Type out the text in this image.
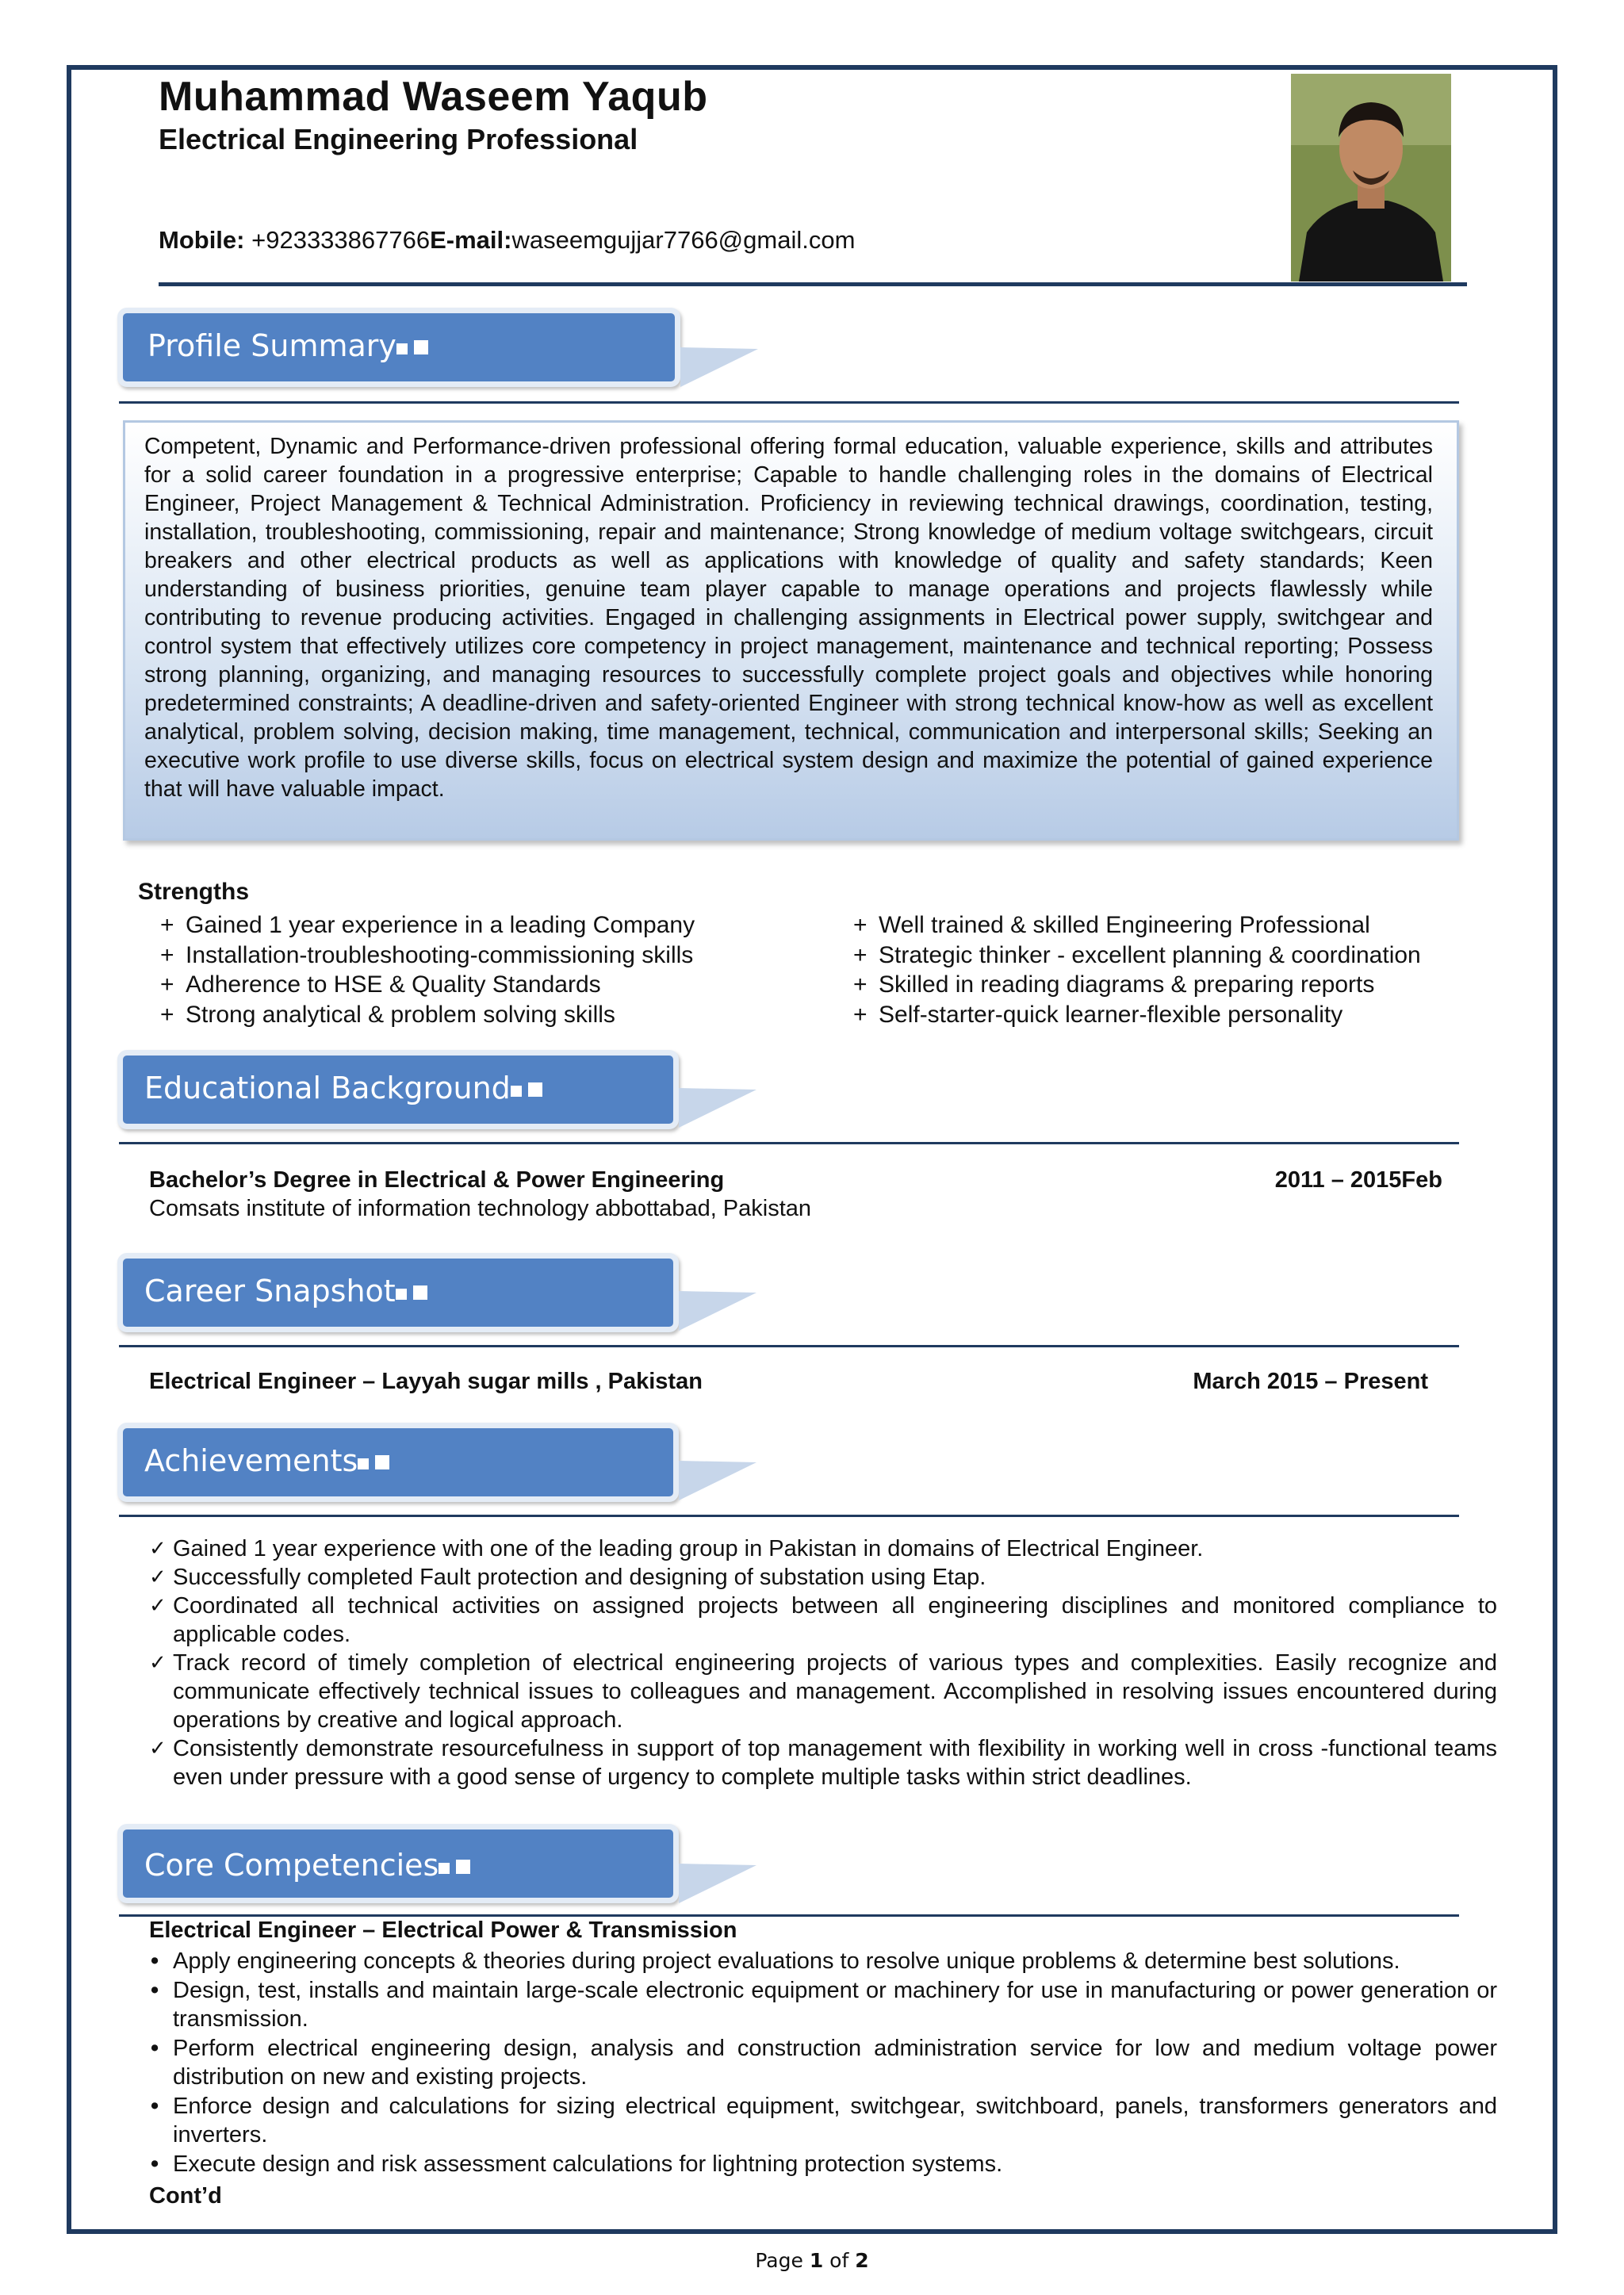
Muhammad Waseem Yaqub
Electrical Engineering Professional
Mobile: +923333867766E-mail:waseemgujjar7766@gmail.com
Profile Summary
Competent, Dynamic and Performance-driven professional offering formal education, valuable experience, skills and attributes for a solid career foundation in a progressive enterprise; Capable to handle challenging roles in the domains of Electrical Engineer, Project Management & Technical Administration. Proficiency in reviewing technical drawings, coordination, testing, installation, troubleshooting, commissioning, repair and maintenance; Strong knowledge of medium voltage switchgears, circuit breakers and other electrical products as well as applications with knowledge of quality and safety standards; Keen understanding of business priorities, genuine team player capable to manage operations and projects flawlessly while contributing to revenue producing activities. Engaged in challenging assignments in Electrical power supply, switchgear and control system that effectively utilizes core competency in project management, maintenance and technical reporting; Possess strong planning, organizing, and managing resources to successfully complete project goals and objectives while honoring predetermined constraints; A deadline-driven and safety-oriented Engineer with strong technical know-how as well as excellent analytical, problem solving, decision making, time management, technical, communication and interpersonal skills; Seeking an executive work profile to use diverse skills, focus on electrical system design and maximize the potential of gained experience that will have valuable impact.
Strengths
+ Gained 1 year experience in a leading Company
+ Installation-troubleshooting-commissioning skills
+ Adherence to HSE & Quality Standards
+ Strong analytical & problem solving skills
+ Well trained & skilled Engineering Professional
+ Strategic thinker - excellent planning & coordination
+ Skilled in reading diagrams & preparing reports
+ Self-starter-quick learner-flexible personality
Educational Background
Bachelor’s Degree in Electrical & Power Engineering	2011 – 2015Feb
Comsats institute of information technology abbottabad, Pakistan
Career Snapshot
Electrical Engineer – Layyah sugar mills , Pakistan	March 2015 – Present
Achievements
✓ Gained 1 year experience with one of the leading group in Pakistan in domains of Electrical Engineer.
✓ Successfully completed Fault protection and designing of substation using Etap.
✓ Coordinated all technical activities on assigned projects between all engineering disciplines and monitored compliance to applicable codes.
✓ Track record of timely completion of electrical engineering projects of various types and complexities. Easily recognize and communicate effectively technical issues to colleagues and management. Accomplished in resolving issues encountered during operations by creative and logical approach.
✓ Consistently demonstrate resourcefulness in support of top management with flexibility in working well in cross -functional teams even under pressure with a good sense of urgency to complete multiple tasks within strict deadlines.
Core Competencies
Electrical Engineer – Electrical Power & Transmission
• Apply engineering concepts & theories during project evaluations to resolve unique problems & determine best solutions.
• Design, test, installs and maintain large-scale electronic equipment or machinery for use in manufacturing or power generation or transmission.
• Perform electrical engineering design, analysis and construction administration service for low and medium voltage power distribution on new and existing projects.
• Enforce design and calculations for sizing electrical equipment, switchgear, switchboard, panels, transformers generators and inverters.
• Execute design and risk assessment calculations for lightning protection systems.
Cont’d
Page 1 of 2
